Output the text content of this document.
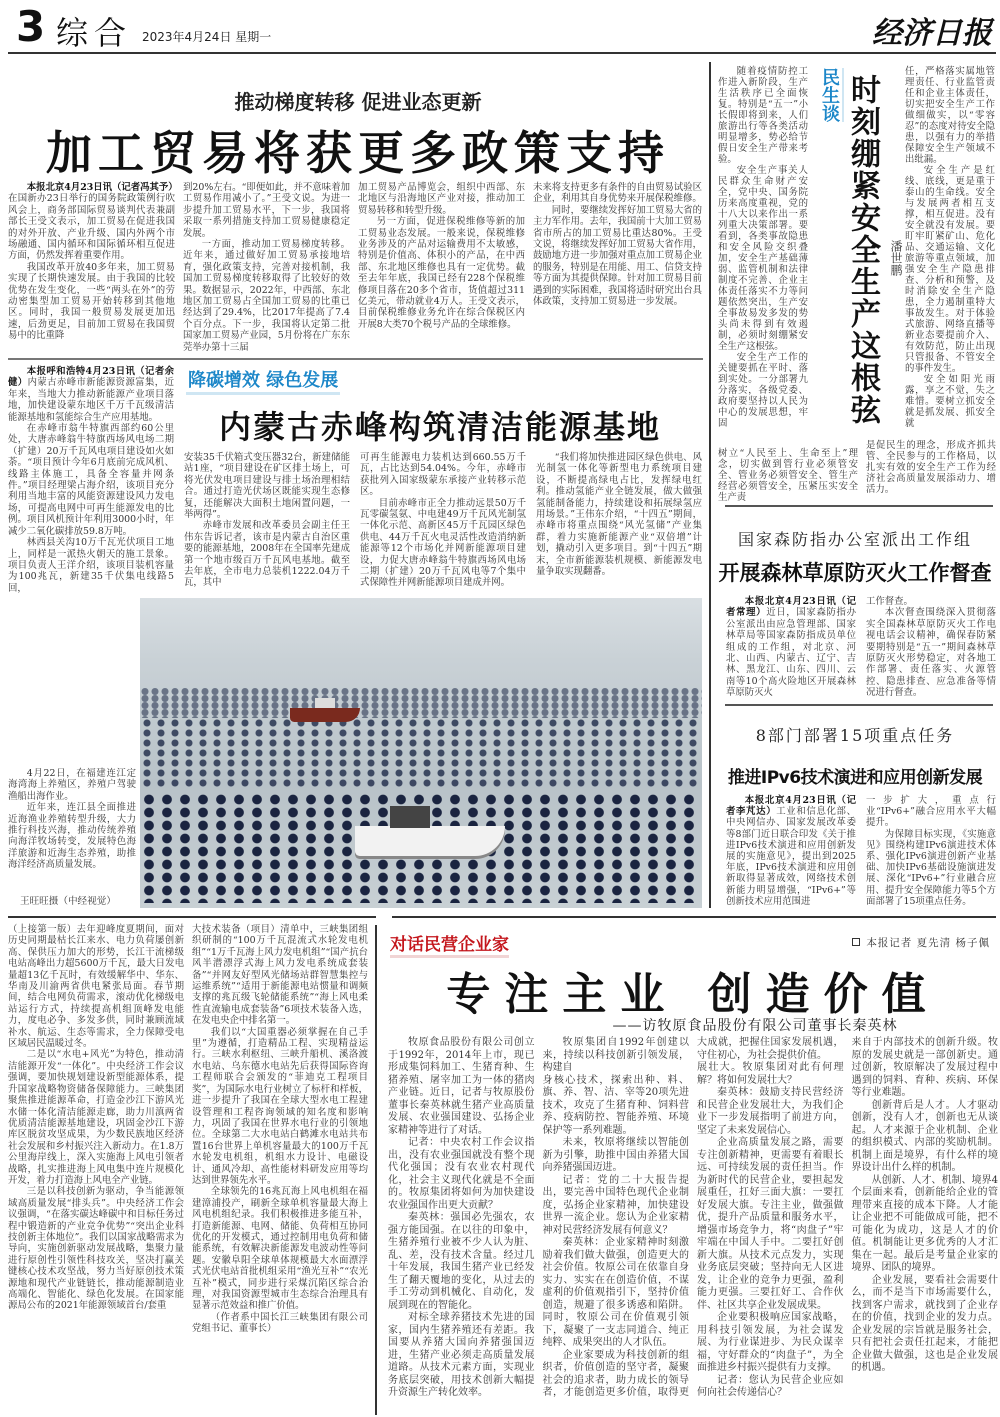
3 综合 2023年4月24日 星期一	经济日报
推动梯度转移 促进业态更新
加工贸易将获更多政策支持

本报北京4月23日讯（记者冯其予）在国新办23日举行的国务院政策例行吹风会上，商务部国际贸易谈判代表兼副部长王受文表示，加工贸易在促进我国的对外开放、产业升级、国内外两个市场融通、国内循环和国际循环相互促进方面，仍然发挥着重要作用。

我国改革开放40多年来，加工贸易实现了长期快速发展。由于我国的比较优势在发生变化，一些“两头在外”的劳动密集型加工贸易开始转移到其他地区。同时，我国一般贸易发展更加迅速，后劲更足，目前加工贸易在我国贸易中的比重降

到20%左右。“即便如此，并不意味着加工贸易作用减小了。”王受文说。为进一步提升加工贸易水平，下一步，我国将采取一系列措施支持加工贸易健康稳定发展。

一方面，推动加工贸易梯度转移。近年来，通过做好加工贸易承接地培育，强化政策支持，完善对接机制，我国加工贸易梯度转移取得了比较好的效果。数据显示，2022年，中西部、东北地区加工贸易占全国加工贸易的比重已经达到了29.4%，比2017年提高了7.4个百分点。下一步，我国将认定第二批国家加工贸易产业园，5月份将在广东东莞举办第十三届

加工贸易产品博览会，组织中西部、东北地区与沿海地区产业对接，推动加工贸易转移和转型升级。

另一方面，促进保税维修等新的加工贸易业态发展。一般来说，保税维修业务涉及的产品对运输费用不太敏感，特别是价值高、体积小的产品，在中西部、东北地区维修也具有一定优势。截至去年年底，我国已经有228个保税维修项目落在20多个省市，货值超过311亿美元，带动就业4万人。王受文表示，目前保税维修业务允许在综合保税区内开展8大类70个税号产品的全球维修。

未来将支持更多有条件的自由贸易试验区企业，利用其自身优势来开展保税维修。

同时，要继续发挥好加工贸易大省的主力军作用。去年，我国前十大加工贸易省市所占的加工贸易比重达80%。王受文说，将继续发挥好加工贸易大省作用，鼓励地方进一步加强对重点加工贸易企业的服务，特别是在用能、用工、信贷支持等方面为其提供保障。针对加工贸易目前遇到的实际困难，我国将适时研究出台具体政策，支持加工贸易进一步发展。

降碳增效 绿色发展
内蒙古赤峰构筑清洁能源基地

本报呼和浩特4月23日讯（记者余健）内蒙古赤峰市新能源资源富集，近年来，当地大力推动新能源产业项目落地，加快建设蒙东地区千万千瓦级清洁能源基地和氢能综合生产应用基地。

在赤峰市翁牛特旗西部约60公里处，大唐赤峰翁牛特旗西场风电场二期（扩建）20万千瓦风电项目建设如火如荼。“项目预计今年6月底前完成风机、线路主体施工，具备全容量并网条件。”项目经理梁占海介绍，该项目充分利用当地丰富的风能资源建设风力发电场，可提高电网中可再生能源发电的比例。项目风机预计年利用3000小时，年减少二氧化碳排放59.8万吨。

林西县关沟10万千瓦光伏项目工地上，同样是一派热火朝天的施工景象。项目负责人王洋介绍，该项目装机容量为100兆瓦，新建35千伏集电线路5回，

安装35千伏箱式变压器32台，新建储能站1座，“项目建设在矿区排土场上，可将光伏发电项目建设与排土场治理相结合。通过打造光伏场区既能实现生态修复，还能解决大面积土地闲置问题，一举两得”。

赤峰市发展和改革委员会副主任王伟东告诉记者，该市是内蒙古自治区重要的能源基地，2008年在全国率先建成第一个地市级百万千瓦风电基地。截至去年底，全市电力总装机1222.04万千瓦，其中

可再生能源电力装机达到660.55万千瓦，占比达到54.04%。今年，赤峰市获批列入国家级蒙东承接产业转移示范区。

目前赤峰市正全力推动远景50万千瓦零碳氢氨、中电建49万千瓦风光制氢一体化示范、高新区45万千瓦园区绿色供电、44万千瓦火电灵活性改造消纳新能源等12个市场化并网新能源项目建设，力促大唐赤峰翁牛特旗西场风电场二期（扩建）20万千瓦风电等7个集中式保障性并网新能源项目建成并网。

“我们将加快推进园区绿色供电、风光制氢一体化等新型电力系统项目建设，不断提高绿电占比，发挥绿电红利。推动氢能产业全链发展，做大做强氢能制备能力，持续建设和拓展绿氢应用场景。”王伟东介绍，“十四五”期间，赤峰市将重点围绕“风光氢储”产业集群，着力实施新能源产业“双倍增”计划，撬动引入更多项目。到“十四五”期末，全市新能源装机规模、新能源发电量争取实现翻番。

4月22日，在福建连江定海湾海上养殖区，养殖户驾驶渔船出海作业。

近年来，连江县全面推进近海渔业养殖转型升级，大力推行科技兴海，推动传统养殖向海洋牧场转变，发展特色海洋旅游和近海生态养殖，助推海洋经济高质量发展。

王旺旺摄（中经视觉）

随着疫情防控工作进入新阶段，生产生活秩序已全面恢复。特别是“五一”小长假即将到来，人们旅游出行等各类活动明显增多，势必给节假日安全生产带来考验。

安全生产事关人民群众生命财产安全，党中央、国务院历来高度重视，党的十八大以来作出一系列重大决策部署。要看到，各类事故隐患和安全风险交织叠加，安全生产基础薄弱、监管机制和法律制度不完善、企业主体责任落实不力等问题依然突出，生产安全事故易发多发的势头尚未得到有效遏制，必须时刻绷紧安全生产这根弦。

安全生产工作的关键要抓在平时、落到实处。一分部署九分落实，各级党委、政府要坚持以人民为中心的发展思想，牢固

民生谈 时刻绷紧安全生产这根弦 潘世鹏

任，严格落实属地管理责任、行业监管责任和企业主体责任，切实把安全生产工作做细做实，以“零容忍”的态度对待安全隐患，以强有力的举措保障安全生产领域不出纰漏。

安全生产是红线、底线，更是重于泰山的生命线。安全与发展两者相互支撑，相互促进。没有安全就没有发展。要盯牢盯紧矿山、危化品、交通运输、文化旅游等重点领域，加强安全生产隐患排查、分析和预警，及时消除安全生产隐患，全力遏制重特大事故发生。对于体验式旅游、网络直播等新业态要提前介入、有效防范，防止出现只管报备、不管安全的事件发生。

安全如阳光雨露，享之不觉，失之难惜。要树立抓安全就是抓发展、抓安全就

树立“人民至上、生命至上”理念，切实做到管行业必须管安全、管业务必须管安全、管生产经营必须管安全，压紧压实安全生产责

是促民生的理念，形成齐抓共管、全民参与的工作格局，以扎实有效的安全生产工作为经济社会高质量发展添动力、增活力。

国家森防指办公室派出工作组
开展森林草原防灭火工作督查

本报北京4月23日讯（记者常理）近日，国家森防指办公室派出由应急管理部、国家林草局等国家森防指成员单位组成的工作组，对北京、河北、山西、内蒙古、辽宁、吉林、黑龙江、山东、四川、云南等10个高火险地区开展森林草原防灭火

工作督查。

本次督查围绕深入贯彻落实全国森林草原防灭火工作电视电话会议精神，确保春防紧要期特别是“五一”期间森林草原防灭火形势稳定，对各地工作部署、责任落实、火源管控、隐患排查、应急准备等情况进行督查。

8部门部署15项重点任务
推进IPv6技术演进和应用创新发展

本报北京4月23日讯（记者李芃达）工业和信息化部、中央网信办、国家发展改革委等8部门近日联合印发《关于推进IPv6技术演进和应用创新发展的实施意见》，提出到2025年底，IPv6技术演进和应用创新取得显著成效，网络技术创新能力明显增强，“IPv6+”等创新技术应用范围进

一步扩大，重点行业“IPv6+”融合应用水平大幅提升。

为保障目标实现，《实施意见》围绕构建IPv6演进技术体系、强化IPv6演进创新产业基础、加快IPv6基础设施演进发展、深化“IPv6+”行业融合应用、提升安全保障能力等5个方面部署了15项重点任务。

（上接第一版）去年迎峰度夏期间，面对历史同期最枯长江来水、电力负荷屡创新高、保供压力加大的形势，长江干流梯级电站高峰出力超5600万千瓦，最大日发电量超13亿千瓦时，有效缓解华中、华东、华南及川渝两省供电紧张局面。春节期间，结合电网负荷需求，滚动优化梯级电站运行方式，持续提高机组顶峰发电能力，度电必争、多发多供，同时兼顾流域补水、航运、生态等需求，全力保障受电区域居民温暖过冬。

二是以“水电+风光”为特色，推动清洁能源开发“一体化”。中央经济工作会议强调，要加快规划建设新型能源体系，提升国家战略物资储备保障能力。三峡集团聚焦推进能源革命，打造金沙江下游风光水储一体化清洁能源走廊，助力川滇两省优质清洁能源基地建设，巩固金沙江下游库区脱贫攻坚成果，为少数民族地区经济社会发展和乡村振兴注入新动力。在1.8万公里海岸线上，深入实施海上风电引领者战略，扎实推进海上风电集中连片规模化开发，着力打造海上风电全产业链。

三是以科技创新为驱动，争当能源领域高质量发展“排头兵”。中央经济工作会议强调，“在落实碳达峰碳中和目标任务过程中锻造新的产业竞争优势”“突出企业科技创新主体地位”。我们以国家战略需求为导向，实施创新驱动发展战略，集聚力量进行原创性引领性科技攻关，坚决打赢关键核心技术攻坚战，努力当好原创技术策源地和现代产业链链长，推动能源制造业高端化、智能化、绿色化发展。在国家能源局公布的2021年能源领域首台/套重

大技术装备（项目）清单中，三峡集团组织研制的“100万千瓦混流式水轮发电机组”“1万千瓦海上风力发电机组”“国产抗台风半潜漂浮式海上风力发电系统成套装备”“并网友好型风光储场站群智慧集控与运维系统”“适用于新能源电站惯量和调频支撑的兆瓦级飞轮储能系统”“海上风电柔性直流输电成套装备”6项技术装备入选，在发电央企中排名第一。

我们以“大国重器必须掌握在自己手里”为遵循，打造精品工程、实现精益运行。三峡水利枢纽、三峡升船机、溪洛渡水电站、乌东德水电站先后获得国际咨询工程师联合会颁发的“菲迪克工程项目奖”，为国际水电行业树立了标杆和样板，进一步提升了我国在全球大型水电工程建设管理和工程咨询领域的知名度和影响力，巩固了我国在世界水电行业的引领地位。全球第二大水电站白鹤滩水电站共布置16台世界上单机容量最大的100万千瓦水轮发电机组，机组水力设计、电磁设计、通风冷却、高性能材料研发应用等均达到世界领先水平。

全球领先的16兆瓦海上风电机组在福建漳浦投产，刷新全球单机容量最大海上风电机组纪录。我们积极推进多能互补，打造新能源、电网、储能、负荷相互协同优化的开发模式，通过控制用电负荷和储能系统，有效解决新能源发电波动性等问题。安徽阜阳全球单体规模最大水面漂浮式光伏电站首批机组采用“渔光互补”“农光互补”模式，同步进行采煤沉陷区综合治理，对我国资源型城市生态综合治理具有显著示范效益和推广价值。

（作者系中国长江三峡集团有限公司党组书记、董事长）

对话民营企业家	本报记者 夏先清 杨子佩
专注主业 创造价值
——访牧原食品股份有限公司董事长秦英林

牧原食品股份有限公司创立于1992年，2014年上市，现已形成集饲料加工、生猪育种、生猪养殖、屠宰加工为一体的猪肉产业链。近日，记者与牧原股份董事长秦英林就生猪产业高质量发展、农业强国建设、弘扬企业家精神等进行了对话。

记者：中央农村工作会议指出，没有农业强国就没有整个现代化强国；没有农业农村现代化，社会主义现代化就是不全面的。牧原集团将如何为加快建设农业强国作出更大贡献？

秦英林：强国必先强农，农强方能国强。在以往的印象中，生猪养殖行业被不少人认为脏、乱、差，没有技术含量。经过几十年发展，我国生猪产业已经发生了翻天覆地的变化，从过去的手工劳动到机械化、自动化，发展到现在的智能化。

对标全球养猪技术先进的国家，国内生猪养殖还有差距。我国要从养猪大国向养猪强国迈进，生猪产业必须走高质量发展道路。从技术元素方面，实现业务底层突破，用技术创新大幅提升资源生产转化效率。

牧原集团自1992年创建以来，持续以科技创新引领发展，构建自

身核心技术，探索出种、料、旗、养、智、洁、宰等20项先进技术，攻克了生猪育种、饲料营养、疫病防控、智能养殖、环境保护等一系列难题。

未来，牧原将继续以智能创新为引擎，助推中国由养猪大国向养猪强国迈进。

记者：党的二十大报告提出，要完善中国特色现代企业制度，弘扬企业家精神，加快建设世界一流企业。您认为企业家精神对民营经济发展有何意义？

秦英林：企业家精神时刻激励着我们做大做强，创造更大的社会价值。牧原公司在依靠自身实力、实实在在创造价值，不谋虚利的价值观指引下，坚持价值创造，规避了很多诱惑和陷阱。同时，牧原公司在价值观引领下，凝聚了一支志同道合、纯正纯粹、成果突出的人才队伍。

企业家要成为科技创新的组织者，价值创造的坚守者，凝聚社会的追求者，助力成长的领导者，才能创造更多价值，取得更大成就，把握住国家发展机遇，守住初心，为社会提供价值。

展壮大。牧原集团对此有何理解？将如何发展壮大？

秦英林：鼓励支持民营经济和民营企业发展壮大，为我们企业下一步发展指明了前进方向，坚定了未来发展信心。

企业高质量发展之路，需要专注创新精神，更需要有着眼长远、可持续发展的责任担当。作为新时代的民营企业，要担起发展重任，扛好三面大旗：一要扛好发展大旗。专注主业，做强做优，提升产品质量和服务水平，增强市场竞争力，将“肉盘子”牢牢端在中国人手中。二要扛好创新大旗。从技术元点发力，实现业务底层突破；坚持向无人区进发，让企业的竞争力更强，盈利能力更强。三要扛好工、合作伙伴、社区共享企业发展成果。

企业要积极响应国家战略，用科技引领发展，为社会谋发展、为行业谋进步、为民众谋幸福，守好群众的“肉盘子”，为全面推进乡村振兴提供有力支撑。

记者：您认为民营企业应如何向社会传递信心？

来自于内部技术的创新升级。牧原的发展史就是一部创新史。通过创新，牧原解决了发展过程中遇到的饲料、育种、疾病、环保等行业难题。

创新背后是人才。人才驱动创新，没有人才，创新也无从谈起。人才来源于企业机制、企业的组织模式、内部的奖励机制。机制上面是境界，有什么样的境界设计出什么样的机制。

从创新、人才、机制、境界4个层面来看，创新能给企业的管理带来直接的成本下降。人才能让企业把不可能做成可能，把不可能化为成功，这是人才的价值。机制能让更多优秀的人才汇集在一起。最后是考量企业家的境界、团队的境界。

企业发展，要看社会需要什么，而不是当下市场需要什么，找到客户需求，就找到了企业存在的价值，找到企业的发力点。企业发展的宗旨就是服务社会，只有把社会责任扛起来，才能把企业做大做强，这也是企业发展的机遇。
